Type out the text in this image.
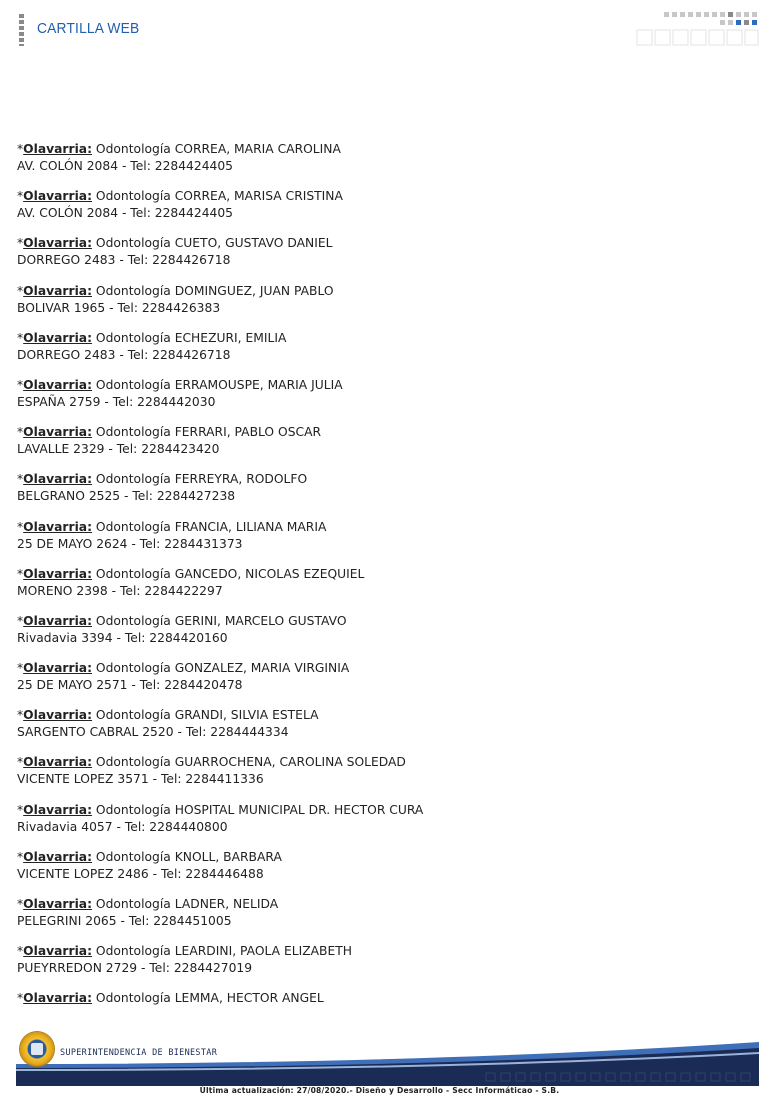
CARTILLA WEB
*Olavarria: Odontología CORREA, MARIA CAROLINA
AV. COLÓN 2084 - Tel: 2284424405
*Olavarria: Odontología CORREA, MARISA CRISTINA
AV. COLÓN 2084 - Tel: 2284424405
*Olavarria: Odontología CUETO, GUSTAVO DANIEL
DORREGO 2483 - Tel: 2284426718
*Olavarria: Odontología DOMINGUEZ, JUAN PABLO
BOLIVAR 1965 - Tel: 2284426383
*Olavarria: Odontología ECHEZURI, EMILIA
DORREGO 2483 - Tel: 2284426718
*Olavarria: Odontología ERRAMOUSPE, MARIA JULIA
ESPAÑA 2759 - Tel: 2284442030
*Olavarria: Odontología FERRARI, PABLO OSCAR
LAVALLE 2329 - Tel: 2284423420
*Olavarria: Odontología FERREYRA, RODOLFO
BELGRANO 2525 - Tel: 2284427238
*Olavarria: Odontología FRANCIA, LILIANA MARIA
25 DE MAYO 2624 - Tel: 2284431373
*Olavarria: Odontología GANCEDO, NICOLAS EZEQUIEL
MORENO 2398 - Tel: 2284422297
*Olavarria: Odontología GERINI, MARCELO GUSTAVO
Rivadavia 3394 - Tel: 2284420160
*Olavarria: Odontología GONZALEZ, MARIA VIRGINIA
25 DE MAYO 2571 - Tel: 2284420478
*Olavarria: Odontología GRANDI, SILVIA ESTELA
SARGENTO CABRAL 2520 - Tel: 2284444334
*Olavarria: Odontología GUARROCHENA, CAROLINA SOLEDAD
VICENTE LOPEZ 3571 - Tel: 2284411336
*Olavarria: Odontología HOSPITAL MUNICIPAL DR. HECTOR CURA
Rivadavia 4057 - Tel: 2284440800
*Olavarria: Odontología KNOLL, BARBARA
VICENTE LOPEZ 2486 - Tel: 2284446488
*Olavarria: Odontología LADNER, NELIDA
PELEGRINI 2065 - Tel: 2284451005
*Olavarria: Odontología LEARDINI, PAOLA ELIZABETH
PUEYRREDON 2729 - Tel: 2284427019
*Olavarria: Odontología LEMMA, HECTOR ANGEL
SUPERINTENDENCIA DE BIENESTAR
Última actualización: 27/08/2020.- Diseño y Desarrollo - Secc Informáticao - S.B.
